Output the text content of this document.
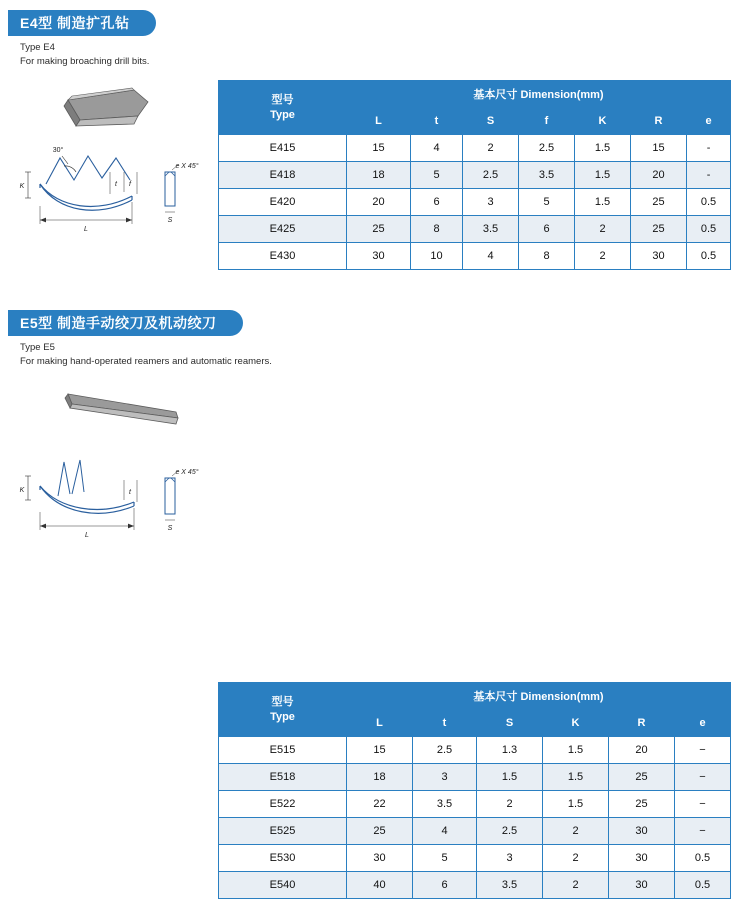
E4型 制造扩孔钻
Type E4
For making broaching drill bits.
30°
K	t f
L
e X 45°
S
型号
Type	基本尺寸 Dimension(mm)						
	L	t	S	f	K	R	e
E415	15	4	2	2.5	1.5	15	-
E418	18	5	2.5	3.5	1.5	20	-
E420	20	6	3	5	1.5	25	0.5
E425	25	8	3.5	6	2	25	0.5
E430	30	10	4	8	2	30	0.5
E5型 制造手动绞刀及机动绞刀
Type E5
For making hand-operated reamers and automatic reamers.
K	t
L
e X 45°
S
型号
Type	基本尺寸 Dimension(mm)					
	L	t	S	K	R	e
E515	15	2.5	1.3	1.5	20	−
E518	18	3	1.5	1.5	25	−
E522	22	3.5	2	1.5	25	−
E525	25	4	2.5	2	30	−
E530	30	5	3	2	30	0.5
E540	40	6	3.5	2	30	0.5
